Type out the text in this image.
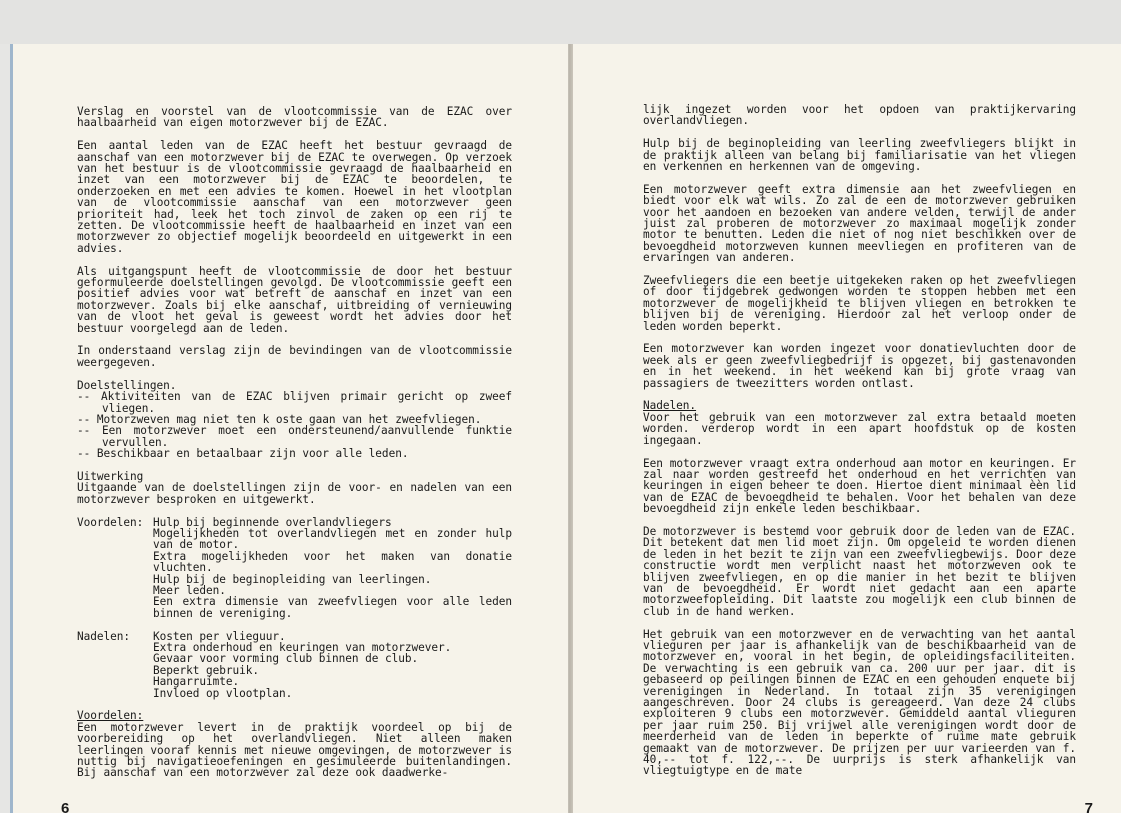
Verslag en voorstel van de vlootcommissie van de EZAC over haalbaarheid van eigen motorzwever bij de EZAC.

Een aantal leden van de EZAC heeft het bestuur gevraagd de aanschaf van een motorzwever bij de EZAC te overwegen. Op verzoek van het bestuur is de vlootcommissie gevraagd de haalbaarheid en inzet van een motorzwever bij de EZAC te beoordelen, te onderzoeken en met een advies te komen. Hoewel in het vlootplan van de vlootcommissie aanschaf van een motorzwever geen prioriteit had, leek het toch zinvol de zaken op een rij te zetten. De vlootcommissie heeft de haalbaarheid en inzet van een motorzwever zo objectief mogelijk beoordeeld en uitgewerkt in een advies.

Als uitgangspunt heeft de vlootcommissie de door het bestuur geformuleerde doelstellingen gevolgd. De vlootcommissie geeft een positief advies voor wat betreft de aanschaf en inzet van een motorzwever. Zoals bij elke aanschaf, uitbreiding of vernieuwing van de vloot het geval is geweest wordt het advies door het bestuur voorgelegd aan de leden.

In onderstaand verslag zijn de bevindingen van de vlootcommissie weergegeven.

Doelstellingen.
-- Aktiviteiten van de EZAC blijven primair gericht op zweef vliegen.
-- Motorzweven mag niet ten k oste gaan van het zweefvliegen.
-- Een motorzwever moet een ondersteunend/aanvullende funktie vervullen.
-- Beschikbaar en betaalbaar zijn voor alle leden.
Uitwerking

Uitgaande van de doelstellingen zijn de voor- en nadelen van een motorzwever besproken en uitgewerkt.

Voordelen: Hulp bij beginnende overlandvliegers
Mogelijkheden tot overlandvliegen met en zonder hulp van de motor.
Extra mogelijkheden voor het maken van donatie vluchten.
Hulp bij de beginopleiding van leerlingen.
Meer leden.
Een extra dimensie van zweefvliegen voor alle leden binnen de vereniging.
Nadelen:	Kosten per vlieguur.
Extra onderhoud en keuringen van motorzwever.
Gevaar voor vorming club binnen de club.
Beperkt gebruik.
Hangarruimte.
Invloed op vlootplan.
Voordelen:

Een motorzwever levert in de praktijk voordeel op bij de voorbereiding op het overlandvliegen. Niet alleen maken leerlingen vooraf kennis met nieuwe omgevingen, de motorzwever is nuttig bij navigatieoefeningen en gesimuleerde buitenlandingen. Bij aanschaf van een motorzwever zal deze ook daadwerke-

6

lijk ingezet worden voor het opdoen van praktijkervaring overlandvliegen.

Hulp bij de beginopleiding van leerling zweefvliegers blijkt in de praktijk alleen van belang bij familiarisatie van het vliegen en verkennen en herkennen van de omgeving.

Een motorzwever geeft extra dimensie aan het zweefvliegen en biedt voor elk wat wils. Zo zal de een de motorzwever gebruiken voor het aandoen en bezoeken van andere velden, terwijl de ander juist zal proberen de motorzwever zo maximaal mogelijk zonder motor te benutten. Leden die niet of nog niet beschikken over de bevoegdheid motorzweven kunnen meevliegen en profiteren van de ervaringen van anderen.

Zweefvliegers die een beetje uitgekeken raken op het zweefvliegen of door tijdgebrek gedwongen worden te stoppen hebben met een motorzwever de mogelijkheid te blijven vliegen en betrokken te blijven bij de vereniging. Hierdoor zal het verloop onder de leden worden beperkt.

Een motorzwever kan worden ingezet voor donatievluchten door de week als er geen zweefvliegbedrijf is opgezet, bij gastenavonden en in het weekend. in het weekend kan bij grote vraag van passagiers de tweezitters worden ontlast.

Nadelen.

Voor het gebruik van een motorzwever zal extra betaald moeten worden. verderop wordt in een apart hoofdstuk op de kosten ingegaan.

Een motorzwever vraagt extra onderhoud aan motor en keuringen. Er zal naar worden gestreefd het onderhoud en het verrichten van keuringen in eigen beheer te doen. Hiertoe dient minimaal èèn lid van de EZAC de bevoegdheid te behalen. Voor het behalen van deze bevoegdheid zijn enkele leden beschikbaar.

De motorzwever is bestemd voor gebruik door de leden van de EZAC. Dit betekent dat men lid moet zijn. Om opgeleid te worden dienen de leden in het bezit te zijn van een zweefvliegbewijs. Door deze constructie wordt men verplicht naast het motorzweven ook te blijven zweefvliegen, en op die manier in het bezit te blijven van de bevoegdheid. Er wordt niet gedacht aan een aparte motorzweefopleiding. Dit laatste zou mogelijk een club binnen de club in de hand werken.

Het gebruik van een motorzwever en de verwachting van het aantal vlieguren per jaar is afhankelijk van de beschikbaarheid van de motorzwever en, vooral in het begin, de opleidingsfaciliteiten. De verwachting is een gebruik van ca. 200 uur per jaar. dit is gebaseerd op peilingen binnen de EZAC en een gehouden enquete bij verenigingen in Nederland. In totaal zijn 35 verenigingen aangeschreven. Door 24 clubs is gereageerd. Van deze 24 clubs exploiteren 9 clubs een motorzwever. Gemiddeld aantal vlieguren per jaar ruim 250. Bij vrijwel alle verenigingen wordt door de meerderheid van de leden in beperkte of ruime mate gebruik gemaakt van de motorzwever. De prijzen per uur varieerden van f. 40,-- tot f. 122,--. De uurprijs is sterk afhankelijk van vliegtuigtype en de mate

7
